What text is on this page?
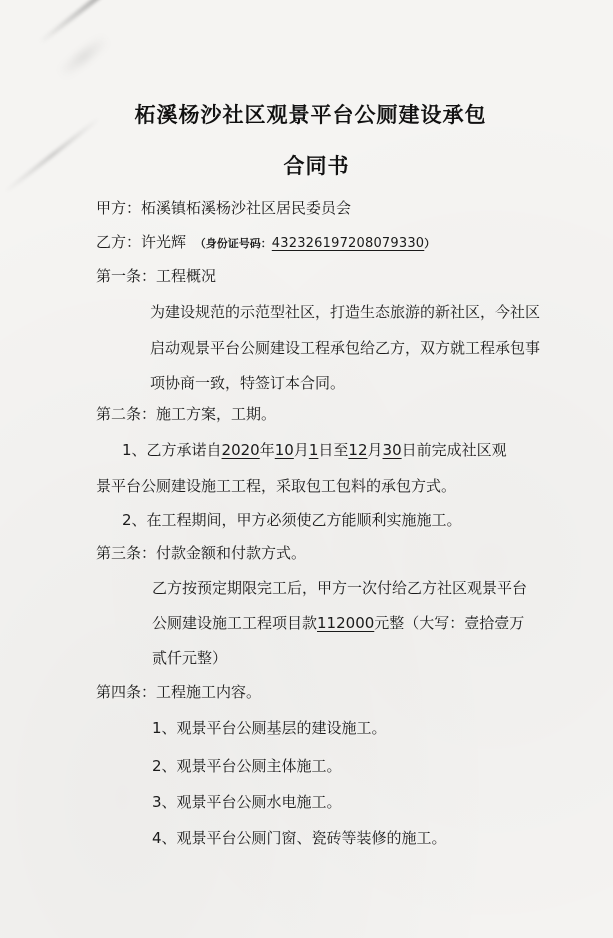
柘溪杨沙社区观景平台公厕建设承包
合同书
甲方：柘溪镇柘溪杨沙社区居民委员会
乙方：许光辉 （身份证号码：432326197208079330）
第一条：工程概况
为建设规范的示范型社区，打造生态旅游的新社区，今社区
启动观景平台公厕建设工程承包给乙方，双方就工程承包事
项协商一致，特签订本合同。
第二条：施工方案，工期。
1、乙方承诺自2020年10月1日至12月30日前完成社区观
景平台公厕建设施工工程，采取包工包料的承包方式。
2、在工程期间，甲方必须使乙方能顺利实施施工。
第三条：付款金额和付款方式。
乙方按预定期限完工后，甲方一次付给乙方社区观景平台
公厕建设施工工程项目款112000元整（大写：壹拾壹万
贰仟元整）
第四条：工程施工内容。
1、观景平台公厕基层的建设施工。
2、观景平台公厕主体施工。
3、观景平台公厕水电施工。
4、观景平台公厕门窗、瓷砖等装修的施工。
